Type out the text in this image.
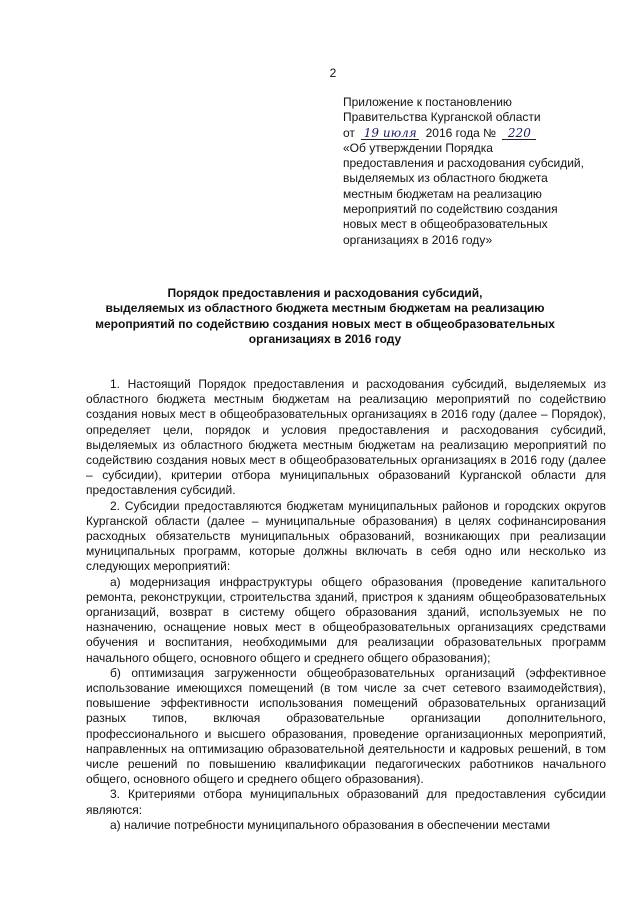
2
Приложение к постановлению
Правительства Курганской области
от 19 июля 2016 года № 220
«Об утверждении Порядка
предоставления и расходования субсидий,
выделяемых из областного бюджета
местным бюджетам на реализацию
мероприятий по содействию создания
новых мест в общеобразовательных
организациях в 2016 году»
Порядок предоставления и расходования субсидий,
выделяемых из областного бюджета местным бюджетам на реализацию
мероприятий по содействию создания новых мест в общеобразовательных
организациях в 2016 году

1. Настоящий Порядок предоставления и расходования субсидий, выделяемых из областного бюджета местным бюджетам на реализацию мероприятий по содействию создания новых мест в общеобразовательных организациях в 2016 году (далее – Порядок), определяет цели, порядок и условия предоставления и расходования субсидий, выделяемых из областного бюджета местным бюджетам на реализацию мероприятий по содействию создания новых мест в общеобразовательных организациях в 2016 году (далее – субсидии), критерии отбора муниципальных образований Курганской области для предоставления субсидий.

2. Субсидии предоставляются бюджетам муниципальных районов и городских округов Курганской области (далее – муниципальные образования) в целях софинансирования расходных обязательств муниципальных образований, возникающих при реализации муниципальных программ, которые должны включать в себя одно или несколько из следующих мероприятий:

а) модернизация инфраструктуры общего образования (проведение капитального ремонта, реконструкции, строительства зданий, пристроя к зданиям общеобразовательных организаций, возврат в систему общего образования зданий, используемых не по назначению, оснащение новых мест в общеобразовательных организациях средствами обучения и воспитания, необходимыми для реализации образовательных программ начального общего, основного общего и среднего общего образования);

б) оптимизация загруженности общеобразовательных организаций (эффективное использование имеющихся помещений (в том числе за счет сетевого взаимодействия), повышение эффективности использования помещений образовательных организаций разных типов, включая образовательные организации дополнительного, профессионального и высшего образования, проведение организационных мероприятий, направленных на оптимизацию образовательной деятельности и кадровых решений, в том числе решений по повышению квалификации педагогических работников начального общего, основного общего и среднего общего образования).

3. Критериями отбора муниципальных образований для предоставления субсидии являются:

а) наличие потребности муниципального образования в обеспечении местами
